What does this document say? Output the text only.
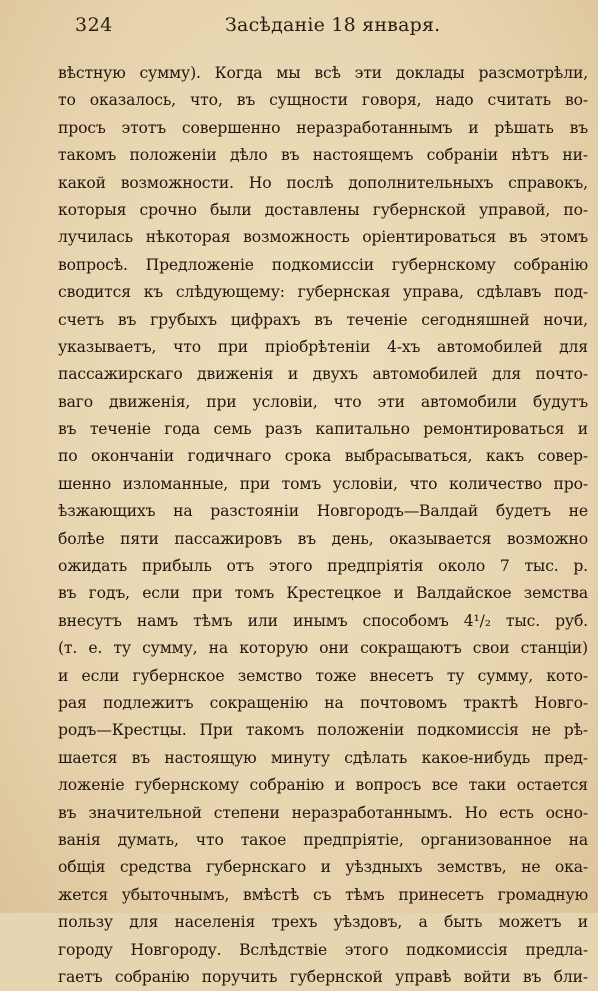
324	Засѣданіе 18 января.
вѣстную сумму). Когда мы всѣ эти доклады разсмотрѣли,
то оказалось, что, въ сущности говоря, надо считать во-
просъ этотъ совершенно неразработаннымъ и рѣшать въ
такомъ положеніи дѣло въ настоящемъ собраніи нѣтъ ни-
какой возможности. Но послѣ дополнительныхъ справокъ,
которыя срочно были доставлены губернской управой, по-
лучилась нѣкоторая возможность оріентироваться въ этомъ
вопросѣ. Предложеніе подкомиссіи губернскому собранію
сводится къ слѣдующему: губернская управа, сдѣлавъ под-
счетъ въ грубыхъ цифрахъ въ теченіе сегодняшней ночи,
указываетъ, что при пріобрѣтеніи 4-хъ автомобилей для
пассажирскаго движенія и двухъ автомобилей для почто-
ваго движенія, при условіи, что эти автомобили будутъ
въ теченіе года семь разъ капитально ремонтироваться и
по окончаніи годичнаго срока выбрасываться, какъ совер-
шенно изломанные, при томъ условіи, что количество про-
ѣзжающихъ на разстояніи Новгородъ—Валдай будетъ не
болѣе пяти пассажировъ въ день, оказывается возможно
ожидать прибыль отъ этого предпріятія около 7 тыс. р.
въ годъ, если при томъ Крестецкое и Валдайское земства
внесутъ намъ тѣмъ или инымъ способомъ 4¹/₂ тыс. руб.
(т. е. ту сумму, на которую они сокращаютъ свои станціи)
и если губернское земство тоже внесетъ ту сумму, кото-
рая подлежитъ сокращенію на почтовомъ трактѣ Новго-
родъ—Крестцы. При такомъ положеніи подкомиссія не рѣ-
шается въ настоящую минуту сдѣлать какое-нибудь пред-
ложеніе губернскому собранію и вопросъ все таки остается
въ значительной степени неразработаннымъ. Но есть осно-
ванія думать, что такое предпріятіе, организованное на
общія средства губернскаго и уѣздныхъ земствъ, не ока-
жется убыточнымъ, вмѣстѣ съ тѣмъ принесетъ громадную
пользу для населенія трехъ уѣздовъ, а быть можетъ и
городу Новгороду. Вслѣдствіе этого подкомиссія предла-
гаетъ собранію поручить губернской управѣ войти въ бли-
